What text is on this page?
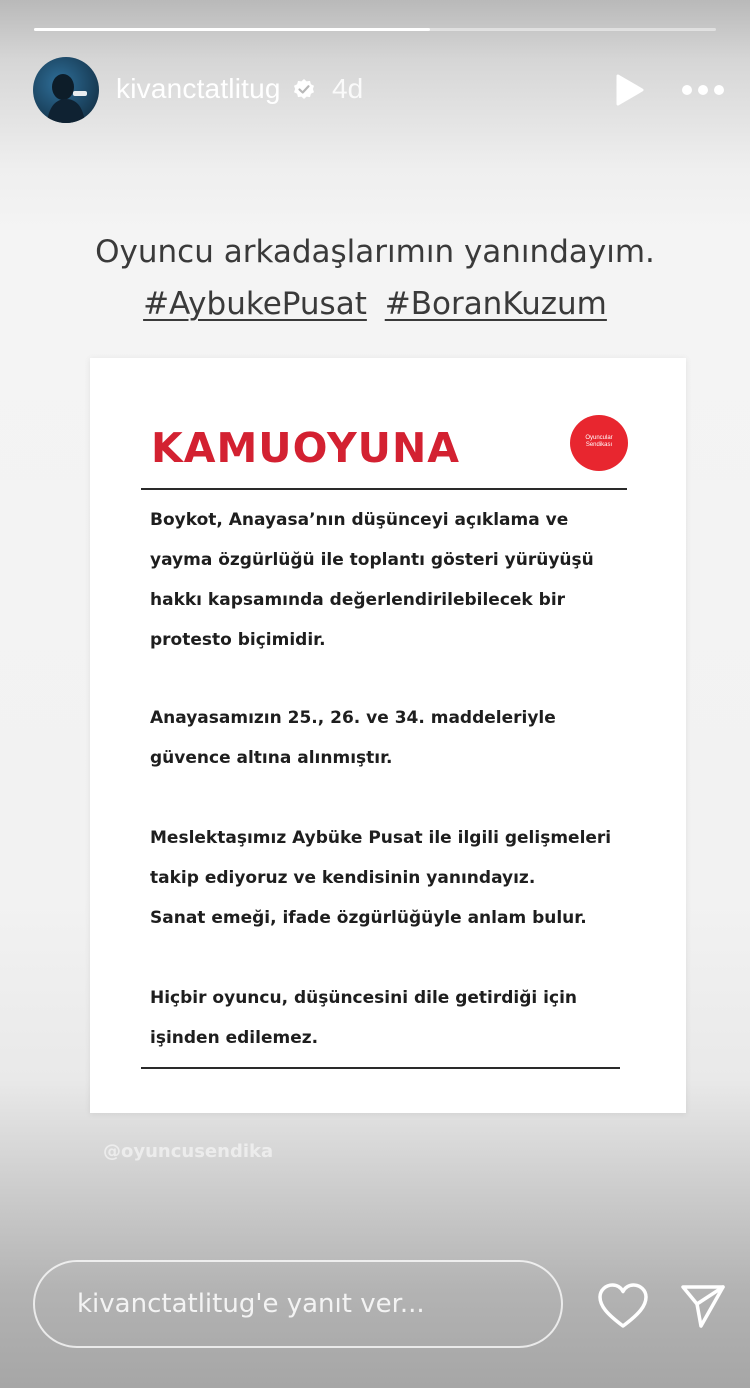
kivanctatlitug 4d
Oyuncu arkadaşlarımın yanındayım.
#AybukePusat #BoranKuzum
KAMUOYUNA	Oyuncular
Sendikası
Boykot, Anayasa’nın düşünceyi açıklama ve
yayma özgürlüğü ile toplantı gösteri yürüyüşü
hakkı kapsamında değerlendirilebilecek bir
protesto biçimidir.
Anayasamızın 25., 26. ve 34. maddeleriyle
güvence altına alınmıştır.
Meslektaşımız Aybüke Pusat ile ilgili gelişmeleri
takip ediyoruz ve kendisinin yanındayız.
Sanat emeği, ifade özgürlüğüyle anlam bulur.
Hiçbir oyuncu, düşüncesini dile getirdiği için
işinden edilemez.
@oyuncusendika
kivanctatlitug'e yanıt ver...
